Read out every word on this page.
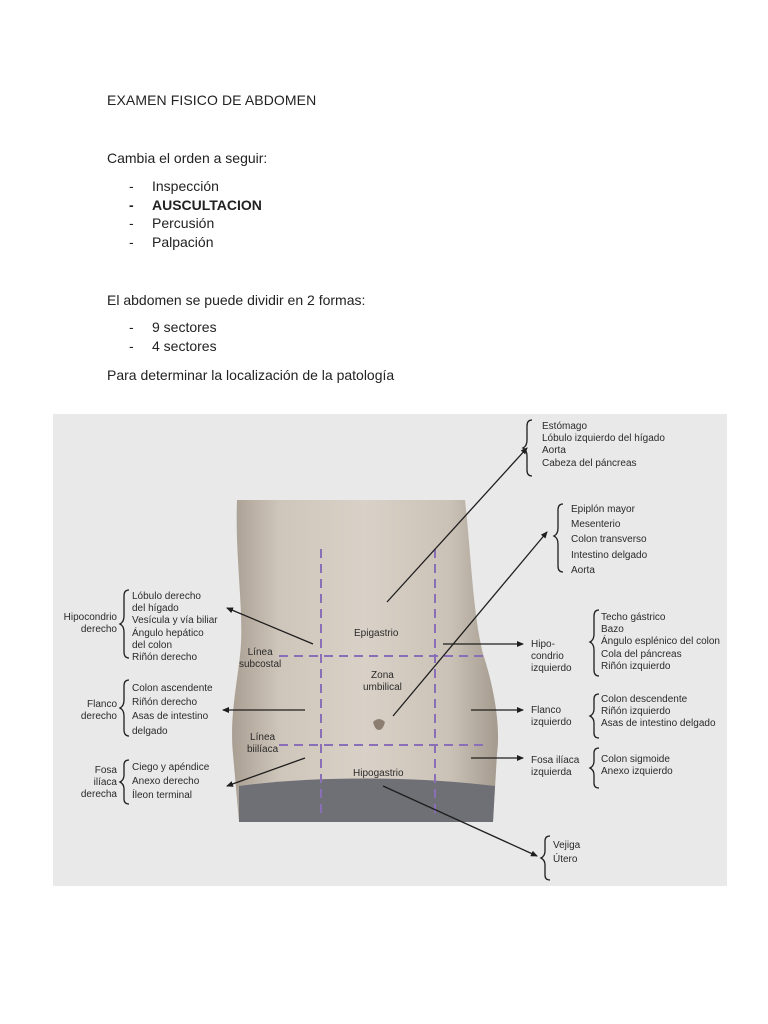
EXAMEN FISICO DE ABDOMEN
Cambia el orden a seguir:
- Inspección
- AUSCULTACION
- Percusión
- Palpación
El abdomen se puede dividir en 2 formas:
- 9 sectores
- 4 sectores
Para determinar la localización de la patología
Epigastrio
Zona
umbilical
Hipogastrio
Línea
subcostal
Línea
biilíaca
Hipocondrio
derecho
Flanco
derecho
Fosa
ilíaca
derecha
Lóbulo derecho
del hígado
Vesícula y vía biliar
Ángulo hepático
del colon
Riñón derecho
Colon ascendente
Riñón derecho
Asas de intestino
delgado
Ciego y apéndice
Anexo derecho
Íleon terminal
Estómago
Lóbulo izquierdo del hígado
Aorta
Cabeza del páncreas
Epiplón mayor
Mesenterio
Colon transverso
Intestino delgado
Aorta
Hipo-
condrio
izquierdo
Techo gástrico
Bazo
Ángulo esplénico del colon
Cola del páncreas
Riñón izquierdo
Flanco
izquierdo
Colon descendente
Riñón izquierdo
Asas de intestino delgado
Fosa ilíaca
izquierda
Colon sigmoide
Anexo izquierdo
Vejiga
Útero
